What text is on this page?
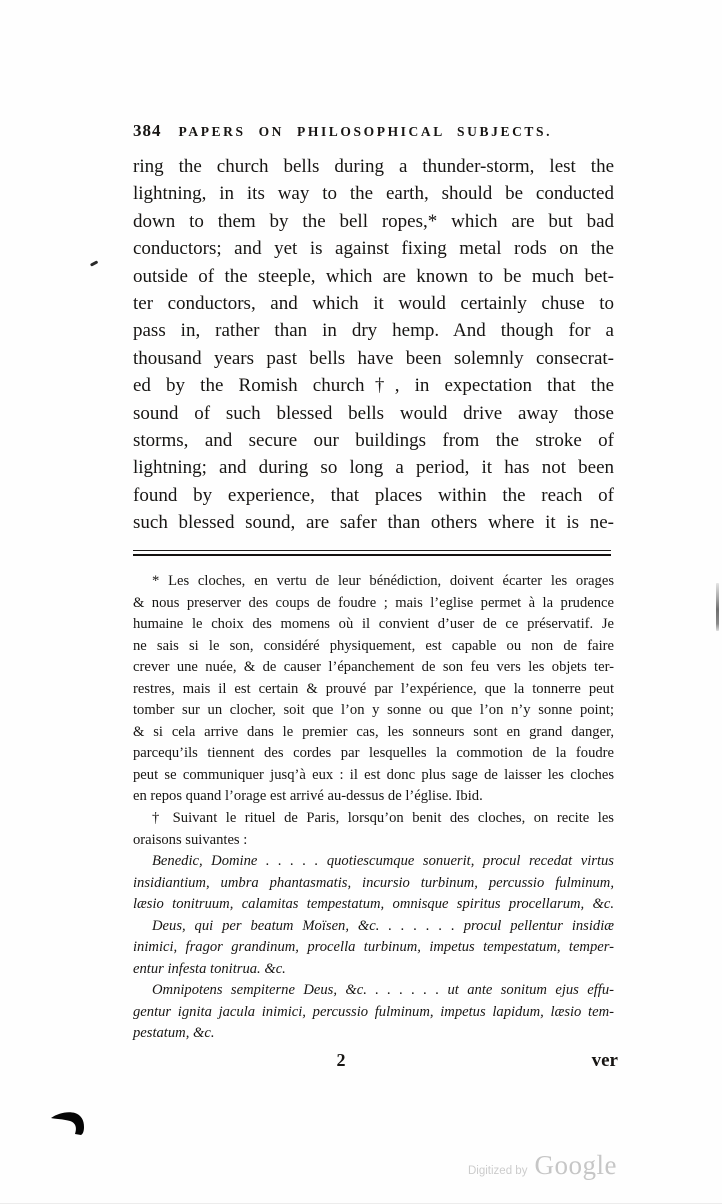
384 PAPERS ON PHILOSOPHICAL SUBJECTS.
ring the church bells during a thunder-storm, lest the
lightning, in its way to the earth, should be conducted
down to them by the bell ropes,* which are but bad
conductors; and yet is against fixing metal rods on the
outside of the steeple, which are known to be much bet-
ter conductors, and which it would certainly chuse to
pass in, rather than in dry hemp. And though for a
thousand years past bells have been solemnly consecrat-
ed by the Romish church†, in expectation that the
sound of such blessed bells would drive away those
storms, and secure our buildings from the stroke of
lightning; and during so long a period, it has not been
found by experience, that places within the reach of
such blessed sound, are safer than others where it is ne-
* Les cloches, en vertu de leur bénédiction, doivent écarter les orages
& nous preserver des coups de foudre ; mais l’eglise permet à la prudence
humaine le choix des momens où il convient d’user de ce préservatif. Je
ne sais si le son, considéré physiquement, est capable ou non de faire
crever une nuée, & de causer l’épanchement de son feu vers les objets ter-
restres, mais il est certain & prouvé par l’expérience, que la tonnerre peut
tomber sur un clocher, soit que l’on y sonne ou que l’on n’y sonne point;
& si cela arrive dans le premier cas, les sonneurs sont en grand danger,
parcequ’ils tiennent des cordes par lesquelles la commotion de la foudre
peut se communiquer jusq’à eux : il est donc plus sage de laisser les cloches
en repos quand l’orage est arrivé au-dessus de l’église. Ibid.
† Suivant le rituel de Paris, lorsqu’on benit des cloches, on recite les
oraisons suivantes :
Benedic, Domine . . . . . quotiescumque sonuerit, procul recedat virtus
insidiantium, umbra phantasmatis, incursio turbinum, percussio fulminum,
læsio tonitruum, calamitas tempestatum, omnisque spiritus procellarum, &c.
Deus, qui per beatum Moïsen, &c. . . . . . . procul pellentur insidiæ
inimici, fragor grandinum, procella turbinum, impetus tempestatum, temper-
entur infesta tonitrua. &c.
Omnipotens sempiterne Deus, &c. . . . . . . ut ante sonitum ejus effu-
gentur ignita jacula inimici, percussio fulminum, impetus lapidum, læsio tem-
pestatum, &c.
2	ver
Digitized by Google
